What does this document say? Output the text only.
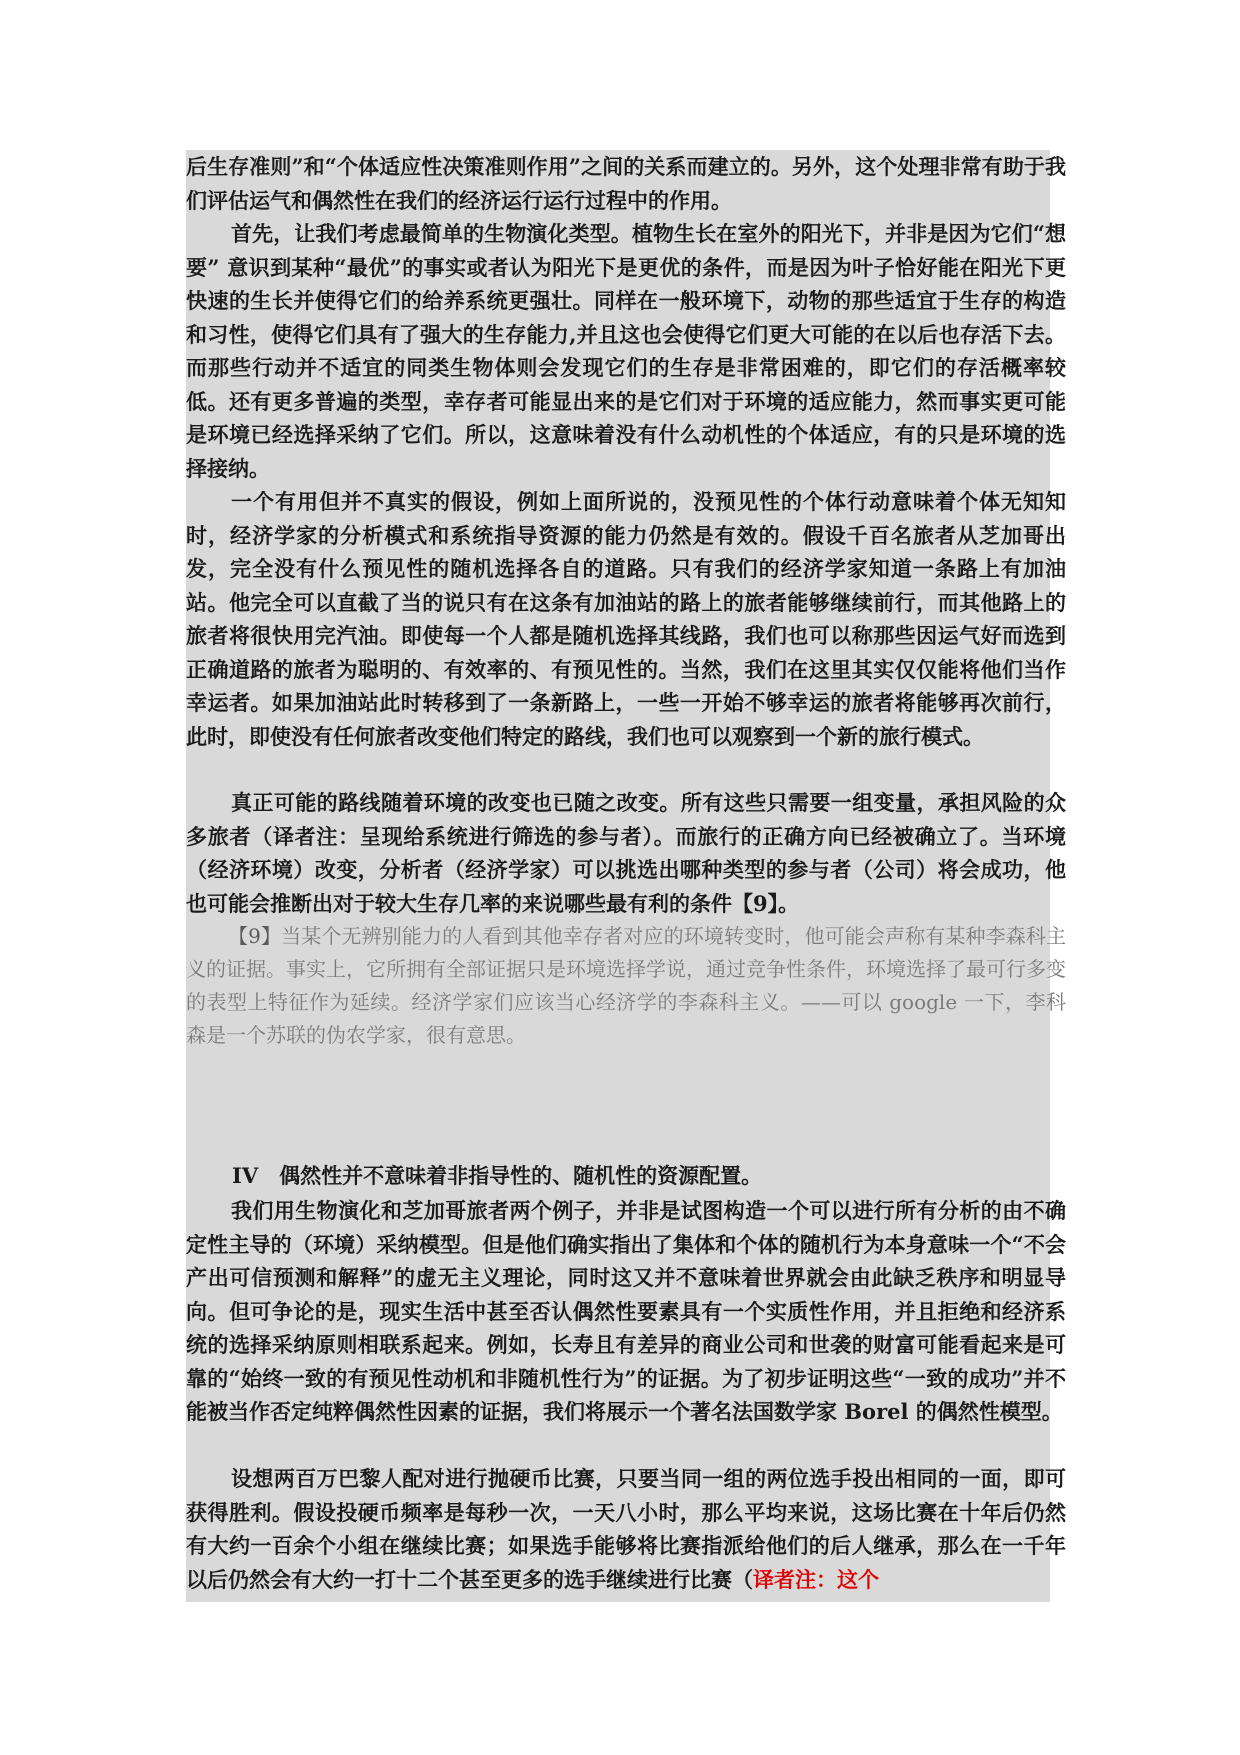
后生存准则”和“个体适应性决策准则作用”之间的关系而建立的。另外，这个处理非常有助于我们评估运气和偶然性在我们的经济运行运行过程中的作用。

首先，让我们考虑最简单的生物演化类型。植物生长在室外的阳光下，并非是因为它们“想要” 意识到某种“最优”的事实或者认为阳光下是更优的条件，而是因为叶子恰好能在阳光下更快速的生长并使得它们的给养系统更强壮。同样在一般环境下，动物的那些适宜于生存的构造和习性，使得它们具有了强大的生存能力,并且这也会使得它们更大可能的在以后也存活下去。而那些行动并不适宜的同类生物体则会发现它们的生存是非常困难的，即它们的存活概率较低。还有更多普遍的类型，幸存者可能显出来的是它们对于环境的适应能力，然而事实更可能是环境已经选择采纳了它们。所以，这意味着没有什么动机性的个体适应，有的只是环境的选择接纳。

一个有用但并不真实的假设，例如上面所说的，没预见性的个体行动意味着个体无知知时，经济学家的分析模式和系统指导资源的能力仍然是有效的。假设千百名旅者从芝加哥出发，完全没有什么预见性的随机选择各自的道路。只有我们的经济学家知道一条路上有加油站。他完全可以直截了当的说只有在这条有加油站的路上的旅者能够继续前行，而其他路上的旅者将很快用完汽油。即使每一个人都是随机选择其线路，我们也可以称那些因运气好而选到正确道路的旅者为聪明的、有效率的、有预见性的。当然，我们在这里其实仅仅能将他们当作幸运者。如果加油站此时转移到了一条新路上，一些一开始不够幸运的旅者将能够再次前行，此时，即使没有任何旅者改变他们特定的路线，我们也可以观察到一个新的旅行模式。

真正可能的路线随着环境的改变也已随之改变。所有这些只需要一组变量，承担风险的众多旅者（译者注：呈现给系统进行筛选的参与者）。而旅行的正确方向已经被确立了。当环境（经济环境）改变，分析者（经济学家）可以挑选出哪种类型的参与者（公司）将会成功，他也可能会推断出对于较大生存几率的来说哪些最有利的条件【9】。

【9】当某个无辨别能力的人看到其他幸存者对应的环境转变时，他可能会声称有某种李森科主义的证据。事实上，它所拥有全部证据只是环境选择学说，通过竞争性条件，环境选择了最可行多变的表型上特征作为延续。经济学家们应该当心经济学的李森科主义。——可以 google 一下，李科森是一个苏联的伪农学家，很有意思。

IV　偶然性并不意味着非指导性的、随机性的资源配置。

我们用生物演化和芝加哥旅者两个例子，并非是试图构造一个可以进行所有分析的由不确定性主导的（环境）采纳模型。但是他们确实指出了集体和个体的随机行为本身意味一个“不会产出可信预测和解释”的虚无主义理论，同时这又并不意味着世界就会由此缺乏秩序和明显导向。但可争论的是，现实生活中甚至否认偶然性要素具有一个实质性作用，并且拒绝和经济系统的选择采纳原则相联系起来。例如，长寿且有差异的商业公司和世袭的财富可能看起来是可靠的“始终一致的有预见性动机和非随机性行为”的证据。为了初步证明这些“一致的成功”并不能被当作否定纯粹偶然性因素的证据，我们将展示一个著名法国数学家 Borel 的偶然性模型。

设想两百万巴黎人配对进行抛硬币比赛，只要当同一组的两位选手投出相同的一面，即可获得胜利。假设投硬币频率是每秒一次，一天八小时，那么平均来说，这场比赛在十年后仍然有大约一百余个小组在继续比赛；如果选手能够将比赛指派给他们的后人继承，那么在一千年以后仍然会有大约一打十二个甚至更多的选手继续进行比赛（译者注：这个
